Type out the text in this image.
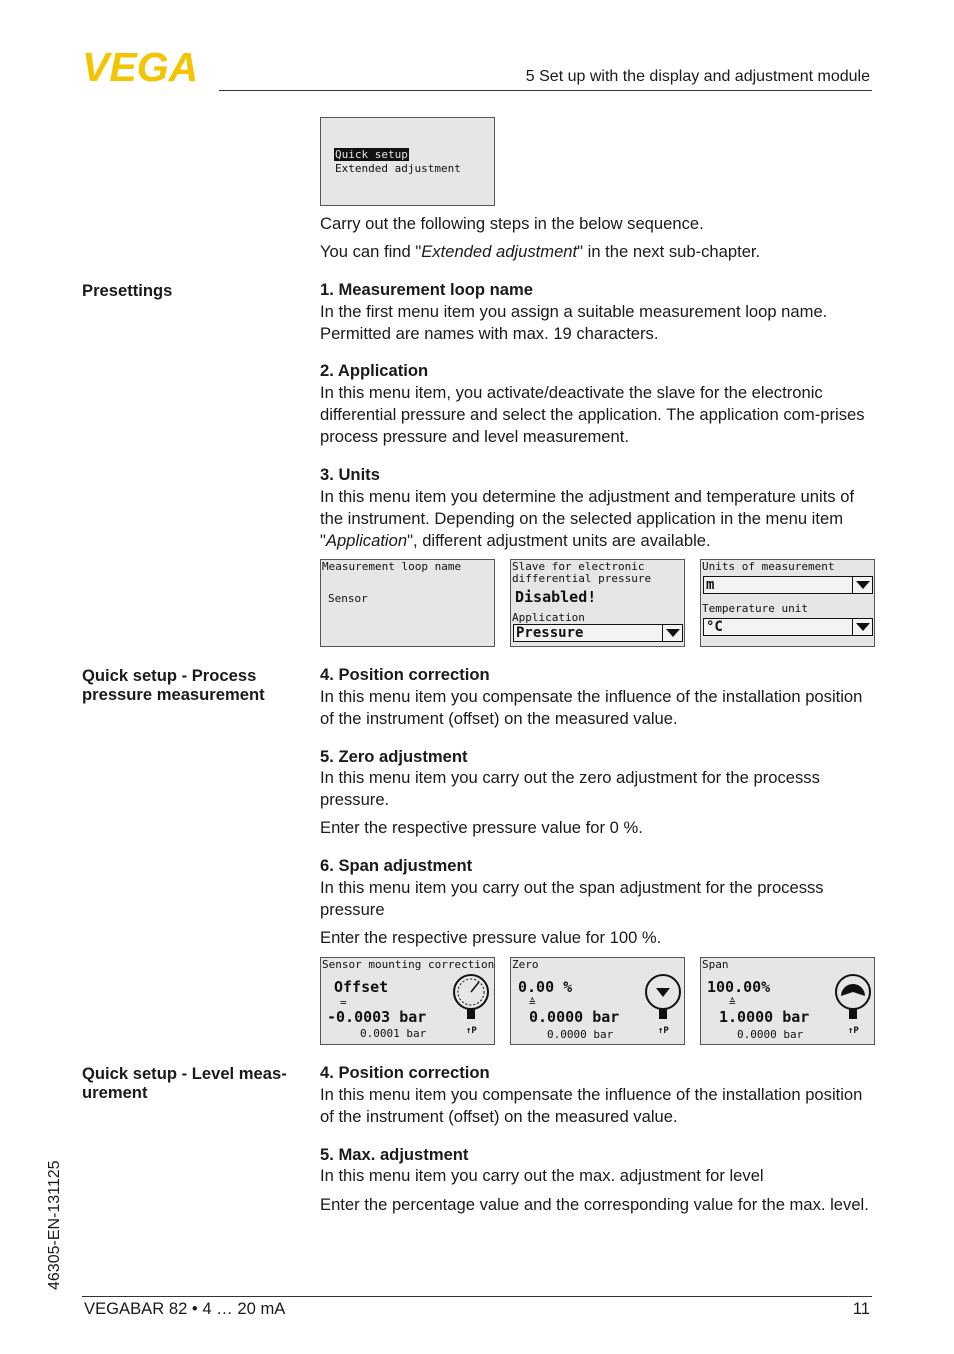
VEGA	5 Set up with the display and adjustment module
Quick setup
Extended adjustment
Carry out the following steps in the below sequence.
You can find "Extended adjustment" in the next sub-chapter.
Presettings	1. Measurement loop name
In the first menu item you assign a suitable measurement loop name. Permitted are names with max. 19 characters.
2. Application
In this menu item, you activate/deactivate the slave for the electronic differential pressure and select the application. The application com-prises process pressure and level measurement.
3. Units
In this menu item you determine the adjustment and temperature units of the instrument. Depending on the selected application in the menu item "Application", different adjustment units are available.
Measurement loop name
Sensor
Slave for electronic
differential pressure
Disabled!
Application
Pressure
Units of measurement
m
Temperature unit
°C
Quick setup - Process pressure measurement
4. Position correction
In this menu item you compensate the influence of the installation position of the instrument (offset) on the measured value.
5. Zero adjustment
In this menu item you carry out the zero adjustment for the processs pressure.
Enter the respective pressure value for 0 %.
6. Span adjustment
In this menu item you carry out the span adjustment for the processs pressure
Enter the respective pressure value for 100 %.
Sensor mounting correction
Offset
=
-0.0003 bar
0.0001 bar	↑P
Zero
0.00 %
≙
0.0000 bar
0.0000 bar	↑P
Span
100.00%
≙
1.0000 bar
0.0000 bar	↑P
Quick setup - Level meas-urement
4. Position correction
In this menu item you compensate the influence of the installation position of the instrument (offset) on the measured value.
5. Max. adjustment
In this menu item you carry out the max. adjustment for level
Enter the percentage value and the corresponding value for the max. level.
46305-EN-131125
VEGABAR 82 • 4 … 20 mA	11
